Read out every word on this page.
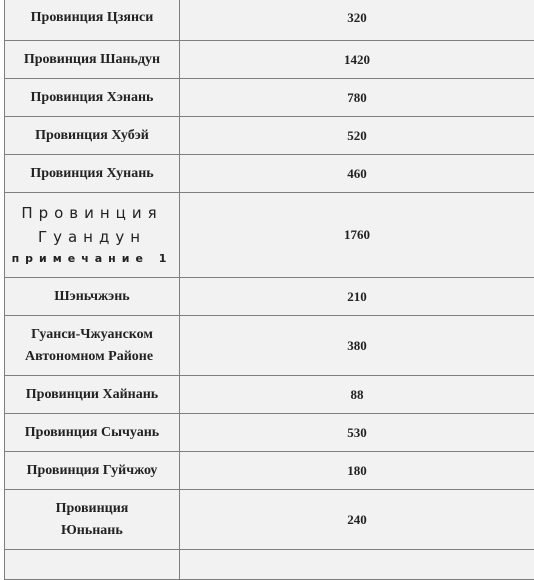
Провинция Цзянси	320
Провинция Шаньдун	1420
Провинция Хэнань	780
Провинция Хубэй	520
Провинция Хунань	460

Провинция
Гуандун
примечание 1	1760
Шэньчжэнь	210

Гуанси-Чжуанском
Автономном Районе	380
Провинции Хайнань	88
Провинция Сычуань	530
Провинция Гуйчжоу	180

Провинция
Юньнань	240
